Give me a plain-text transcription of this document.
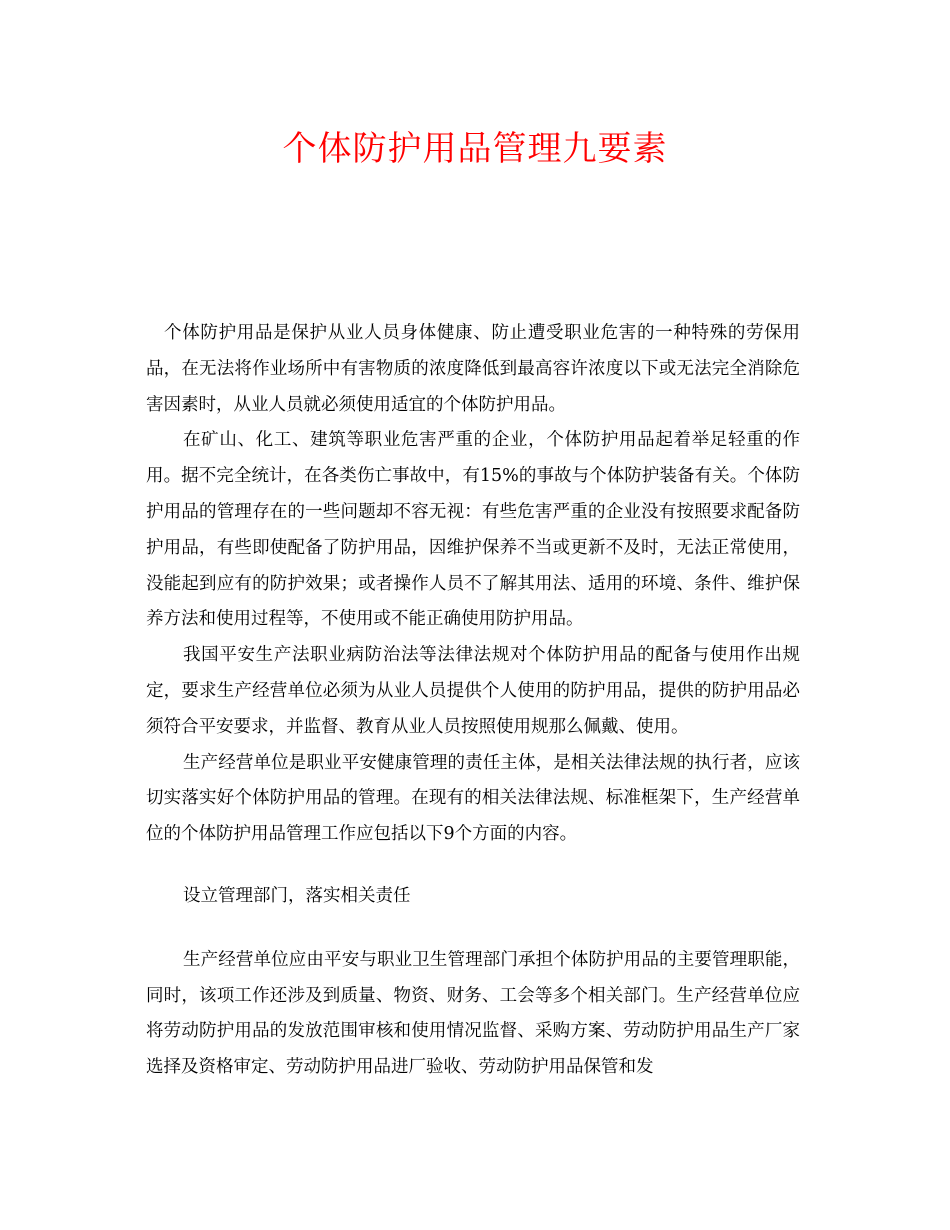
个体防护用品管理九要素

个体防护用品是保护从业人员身体健康、防止遭受职业危害的一种特殊的劳保用品，在无法将作业场所中有害物质的浓度降低到最高容许浓度以下或无法完全消除危害因素时，从业人员就必须使用适宜的个体防护用品。

在矿山、化工、建筑等职业危害严重的企业，个体防护用品起着举足轻重的作用。据不完全统计，在各类伤亡事故中，有15%的事故与个体防护装备有关。个体防护用品的管理存在的一些问题却不容无视：有些危害严重的企业没有按照要求配备防护用品，有些即使配备了防护用品，因维护保养不当或更新不及时，无法正常使用，没能起到应有的防护效果；或者操作人员不了解其用法、适用的环境、条件、维护保养方法和使用过程等，不使用或不能正确使用防护用品。

我国平安生产法职业病防治法等法律法规对个体防护用品的配备与使用作出规定，要求生产经营单位必须为从业人员提供个人使用的防护用品，提供的防护用品必须符合平安要求，并监督、教育从业人员按照使用规那么佩戴、使用。

生产经营单位是职业平安健康管理的责任主体，是相关法律法规的执行者，应该切实落实好个体防护用品的管理。在现有的相关法律法规、标准框架下，生产经营单位的个体防护用品管理工作应包括以下9个方面的内容。

设立管理部门，落实相关责任

生产经营单位应由平安与职业卫生管理部门承担个体防护用品的主要管理职能，同时，该项工作还涉及到质量、物资、财务、工会等多个相关部门。生产经营单位应将劳动防护用品的发放范围审核和使用情况监督、采购方案、劳动防护用品生产厂家选择及资格审定、劳动防护用品进厂验收、劳动防护用品保管和发
